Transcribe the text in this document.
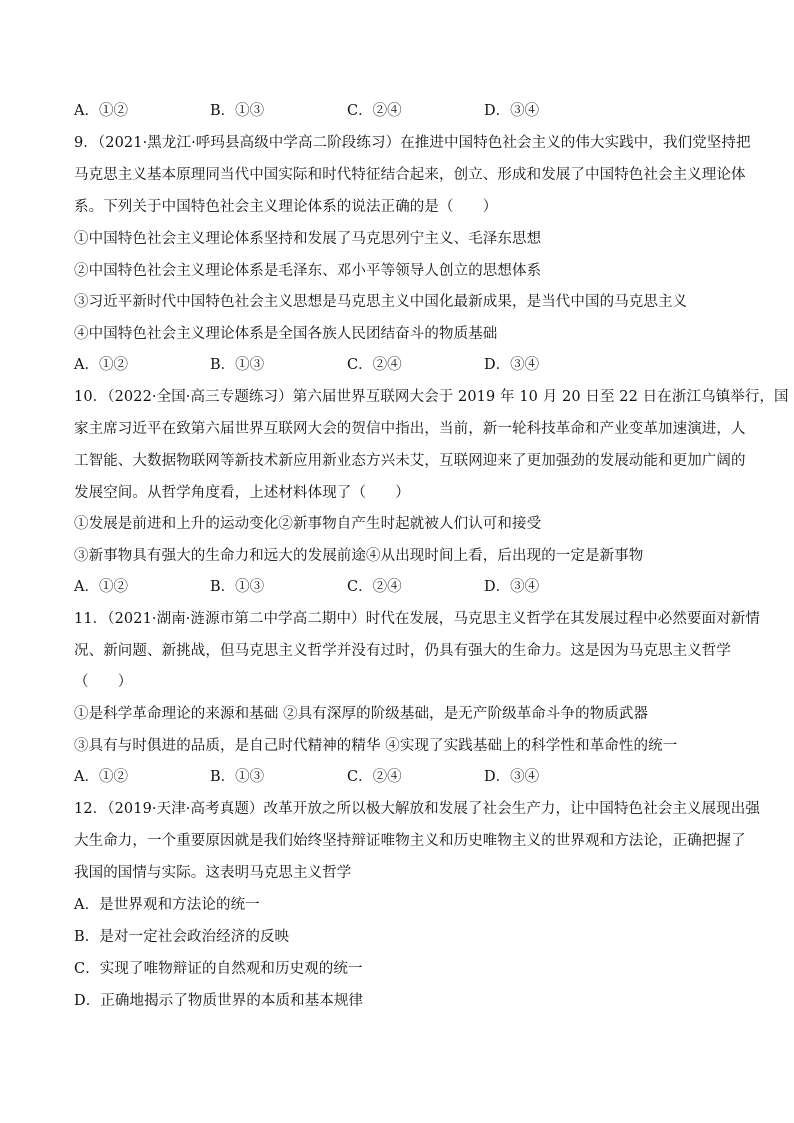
A．①②	B．①③	C．②④	D．③④
9．（2021·黑龙江·呼玛县高级中学高二阶段练习）在推进中国特色社会主义的伟大实践中，我们党坚持把
马克思主义基本原理同当代中国实际和时代特征结合起来，创立、形成和发展了中国特色社会主义理论体
系。下列关于中国特色社会主义理论体系的说法正确的是（　　）
①中国特色社会主义理论体系坚持和发展了马克思列宁主义、毛泽东思想
②中国特色社会主义理论体系是毛泽东、邓小平等领导人创立的思想体系
③习近平新时代中国特色社会主义思想是马克思主义中国化最新成果，是当代中国的马克思主义
④中国特色社会主义理论体系是全国各族人民团结奋斗的物质基础
A．①②	B．①③	C．②④	D．③④
10．（2022·全国·高三专题练习）第六届世界互联网大会于 2019 年 10 月 20 日至 22 日在浙江乌镇举行，国
家主席习近平在致第六届世界互联网大会的贺信中指出，当前，新一轮科技革命和产业变革加速演进，人
工智能、大数据物联网等新技术新应用新业态方兴未艾，互联网迎来了更加强劲的发展动能和更加广阔的
发展空间。从哲学角度看，上述材料体现了（　　）
①发展是前进和上升的运动变化②新事物自产生时起就被人们认可和接受
③新事物具有强大的生命力和远大的发展前途④从出现时间上看，后出现的一定是新事物
A．①②	B．①③	C．②④	D．③④
11．（2021·湖南·涟源市第二中学高二期中）时代在发展，马克思主义哲学在其发展过程中必然要面对新情
况、新问题、新挑战，但马克思主义哲学并没有过时，仍具有强大的生命力。这是因为马克思主义哲学
（　　）
①是科学革命理论的来源和基础 ②具有深厚的阶级基础，是无产阶级革命斗争的物质武器
③具有与时俱进的品质，是自己时代精神的精华 ④实现了实践基础上的科学性和革命性的统一
A．①②	B．①③	C．②④	D．③④
12．（2019·天津·高考真题）改革开放之所以极大解放和发展了社会生产力，让中国特色社会主义展现出强
大生命力，一个重要原因就是我们始终坚持辩证唯物主义和历史唯物主义的世界观和方法论，正确把握了
我国的国情与实际。这表明马克思主义哲学
A．是世界观和方法论的统一
B．是对一定社会政治经济的反映
C．实现了唯物辩证的自然观和历史观的统一
D．正确地揭示了物质世界的本质和基本规律
